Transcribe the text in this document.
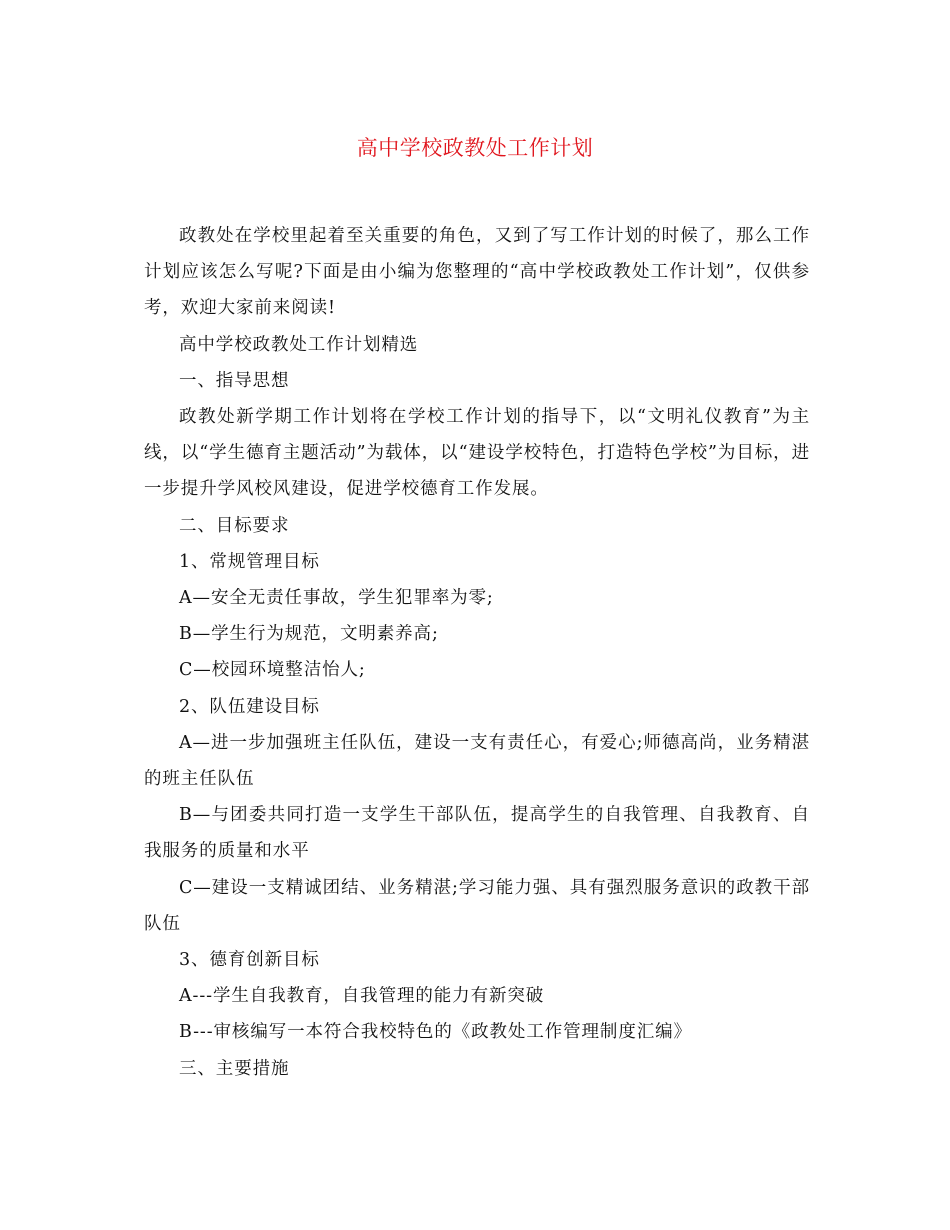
高中学校政教处工作计划

政教处在学校里起着至关重要的角色，又到了写工作计划的时候了，那么工作计划应该怎么写呢?下面是由小编为您整理的“高中学校政教处工作计划”，仅供参考，欢迎大家前来阅读!

高中学校政教处工作计划精选

一、指导思想

政教处新学期工作计划将在学校工作计划的指导下，以“文明礼仪教育”为主线，以“学生德育主题活动”为载体，以“建设学校特色，打造特色学校”为目标，进一步提升学风校风建设，促进学校德育工作发展。

二、目标要求

1、常规管理目标

A—安全无责任事故，学生犯罪率为零;

B—学生行为规范，文明素养高;

C—校园环境整洁怡人;

2、队伍建设目标

A—进一步加强班主任队伍，建设一支有责任心，有爱心;师德高尚，业务精湛的班主任队伍

B—与团委共同打造一支学生干部队伍，提高学生的自我管理、自我教育、自我服务的质量和水平

C—建设一支精诚团结、业务精湛;学习能力强、具有强烈服务意识的政教干部队伍

3、德育创新目标

A---学生自我教育，自我管理的能力有新突破

B---审核编写一本符合我校特色的《政教处工作管理制度汇编》

三、主要措施
